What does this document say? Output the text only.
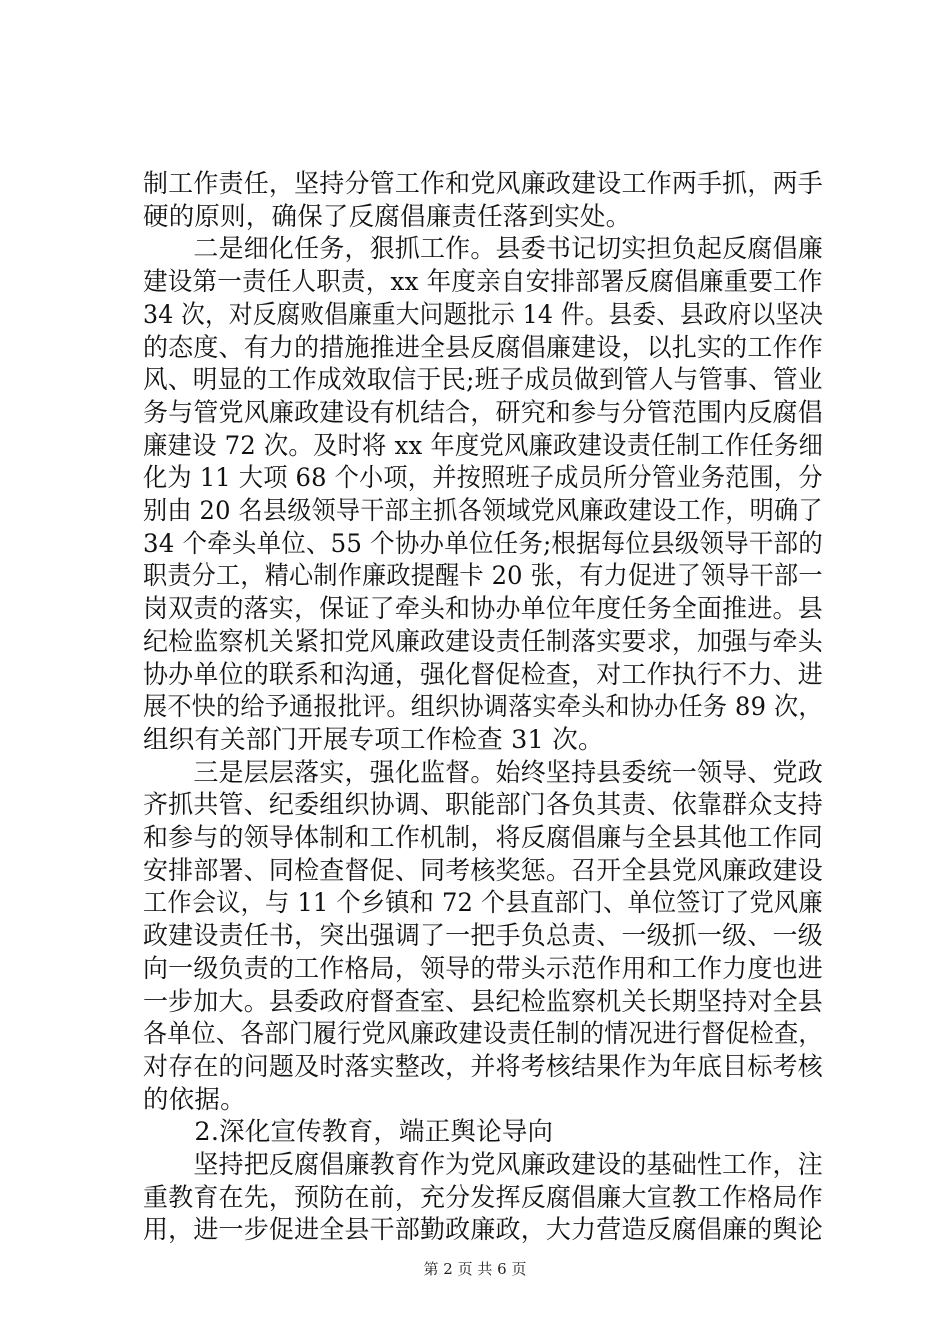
制工作责任，坚持分管工作和党风廉政建设工作两手抓，两手
硬的原则，确保了反腐倡廉责任落到实处。
　　二是细化任务，狠抓工作。县委书记切实担负起反腐倡廉
建设第一责任人职责，xx 年度亲自安排部署反腐倡廉重要工作
34 次，对反腐败倡廉重大问题批示 14 件。县委、县政府以坚决
的态度、有力的措施推进全县反腐倡廉建设，以扎实的工作作
风、明显的工作成效取信于民;班子成员做到管人与管事、管业
务与管党风廉政建设有机结合，研究和参与分管范围内反腐倡
廉建设 72 次。及时将 xx 年度党风廉政建设责任制工作任务细
化为 11 大项 68 个小项，并按照班子成员所分管业务范围，分
别由 20 名县级领导干部主抓各领域党风廉政建设工作，明确了
34 个牵头单位、55 个协办单位任务;根据每位县级领导干部的
职责分工，精心制作廉政提醒卡 20 张，有力促进了领导干部一
岗双责的落实，保证了牵头和协办单位年度任务全面推进。县
纪检监察机关紧扣党风廉政建设责任制落实要求，加强与牵头
协办单位的联系和沟通，强化督促检查，对工作执行不力、进
展不快的给予通报批评。组织协调落实牵头和协办任务 89 次，
组织有关部门开展专项工作检查 31 次。
　　三是层层落实，强化监督。始终坚持县委统一领导、党政
齐抓共管、纪委组织协调、职能部门各负其责、依靠群众支持
和参与的领导体制和工作机制，将反腐倡廉与全县其他工作同
安排部署、同检查督促、同考核奖惩。召开全县党风廉政建设
工作会议，与 11 个乡镇和 72 个县直部门、单位签订了党风廉
政建设责任书，突出强调了一把手负总责、一级抓一级、一级
向一级负责的工作格局，领导的带头示范作用和工作力度也进
一步加大。县委政府督查室、县纪检监察机关长期坚持对全县
各单位、各部门履行党风廉政建设责任制的情况进行督促检查，
对存在的问题及时落实整改，并将考核结果作为年底目标考核
的依据。
　　2.深化宣传教育，端正舆论导向
　　坚持把反腐倡廉教育作为党风廉政建设的基础性工作，注
重教育在先，预防在前，充分发挥反腐倡廉大宣教工作格局作
用，进一步促进全县干部勤政廉政，大力营造反腐倡廉的舆论
第 2 页 共 6 页
